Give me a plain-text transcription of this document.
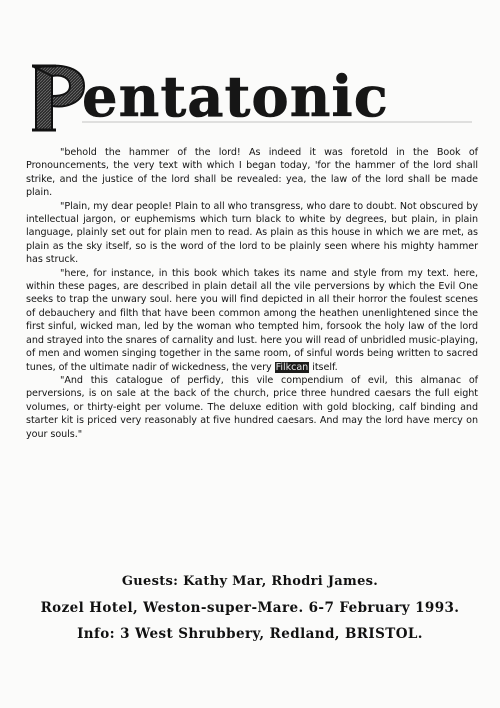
entatonic

"behold the hammer of the lord! As indeed it was foretold in the Book of Pronouncements, the very text with which I began today, 'for the hammer of the lord shall strike, and the justice of the lord shall be revealed: yea, the law of the lord shall be made plain.

"Plain, my dear people! Plain to all who transgress, who dare to doubt. Not obscured by intellectual jargon, or euphemisms which turn black to white by degrees, but plain, in plain language, plainly set out for plain men to read. As plain as this house in which we are met, as plain as the sky itself, so is the word of the lord to be plainly seen where his mighty hammer has struck.

"here, for instance, in this book which takes its name and style from my text. here, within these pages, are described in plain detail all the vile perversions by which the Evil One seeks to trap the unwary soul. here you will find depicted in all their horror the foulest scenes of debauchery and filth that have been common among the heathen unenlightened since the first sinful, wicked man, led by the woman who tempted him, forsook the holy law of the lord and strayed into the snares of carnality and lust. here you will read of unbridled music-playing, of men and women singing together in the same room, of sinful words being written to sacred tunes, of the ultimate nadir of wickedness, the very Filkcan itself.

"And this catalogue of perfidy, this vile compendium of evil, this almanac of perversions, is on sale at the back of the church, price three hundred caesars the full eight volumes, or thirty-eight per volume. The deluxe edition with gold blocking, calf binding and starter kit is priced very reasonably at five hundred caesars. And may the lord have mercy on your souls."

Guests: Kathy Mar, Rhodri James.
Rozel Hotel, Weston-super-Mare. 6-7 February 1993.
Info: 3 West Shrubbery, Redland, BRISTOL.
